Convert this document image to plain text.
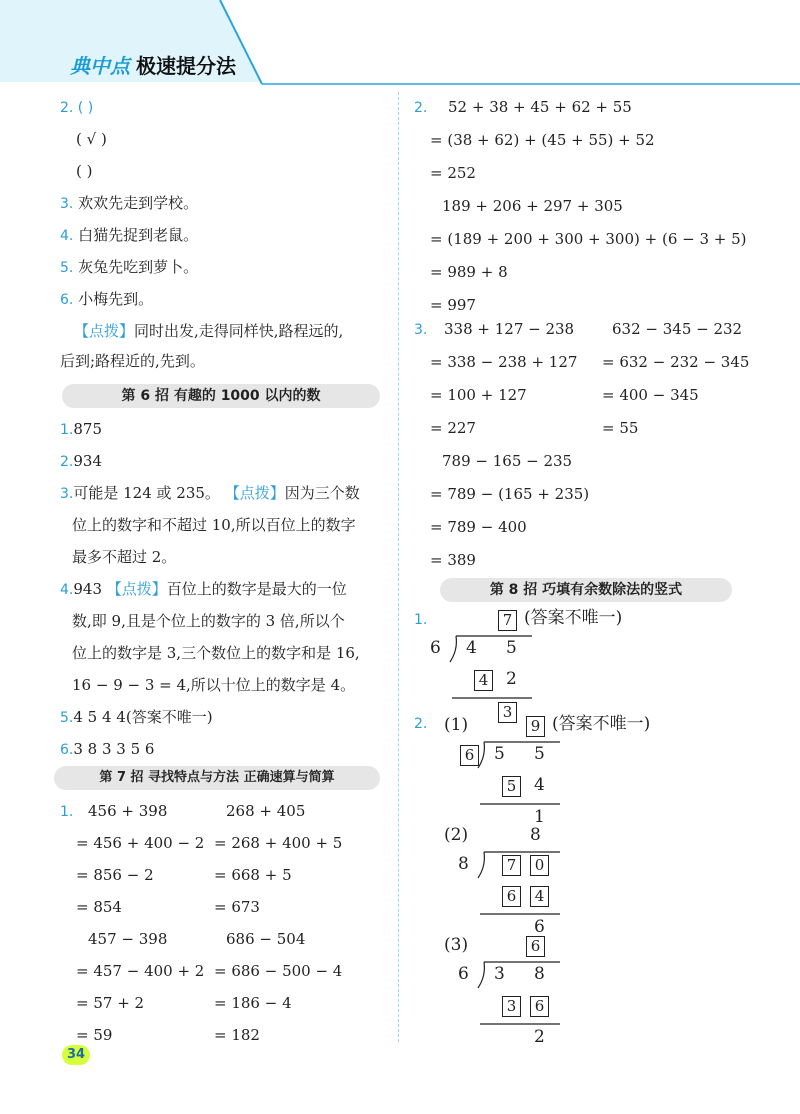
典中点 极速提分法
2. ( )
( √ )
( )
3. 欢欢先走到学校。
4. 白猫先捉到老鼠。
5. 灰兔先吃到萝卜。
6. 小梅先到。
【点拨】同时出发,走得同样快,路程远的,
后到;路程近的,先到。
第 6 招 有趣的 1000 以内的数
1.875
2.934
3.可能是 124 或 235。 【点拨】因为三个数
位上的数字和不超过 10,所以百位上的数字
最多不超过 2。
4.943 【点拨】百位上的数字是最大的一位
数,即 9,且是个位上的数字的 3 倍,所以个
位上的数字是 3,三个数位上的数字和是 16,
16 − 9 − 3 = 4,所以十位上的数字是 4。
5.4 5 4 4(答案不唯一)
6.3 8 3 3 5 6
第 7 招 寻找特点与方法 正确速算与简算
1. 456 + 398	268 + 405
= 456 + 400 − 2 = 268 + 400 + 5
= 856 − 2	= 668 + 5
= 854	= 673
457 − 398	686 − 504
= 457 − 400 + 2 = 686 − 500 − 4
= 57 + 2	= 186 − 4
= 59	= 182
2. 52 + 38 + 45 + 62 + 55
= (38 + 62) + (45 + 55) + 52
= 252
189 + 206 + 297 + 305
= (189 + 200 + 300 + 300) + (6 − 3 + 5)
= 989 + 8
= 997
3. 338 + 127 − 238	632 − 345 − 232
= 338 − 238 + 127 = 632 − 232 − 345
= 100 + 127	= 400 − 345
= 227	= 55
789 − 165 − 235
= 789 − (165 + 235)
= 789 − 400
= 389
第 8 招 巧填有余数除法的竖式
1.
2.
7 (答案不唯一)
6 4 5
4 2
3
(1)	9 (答案不唯一)
6 5 5
5 4
1
(2)	8
8	7	0
6	4
6
(3)	6
6 3 8
3	6
2
34
